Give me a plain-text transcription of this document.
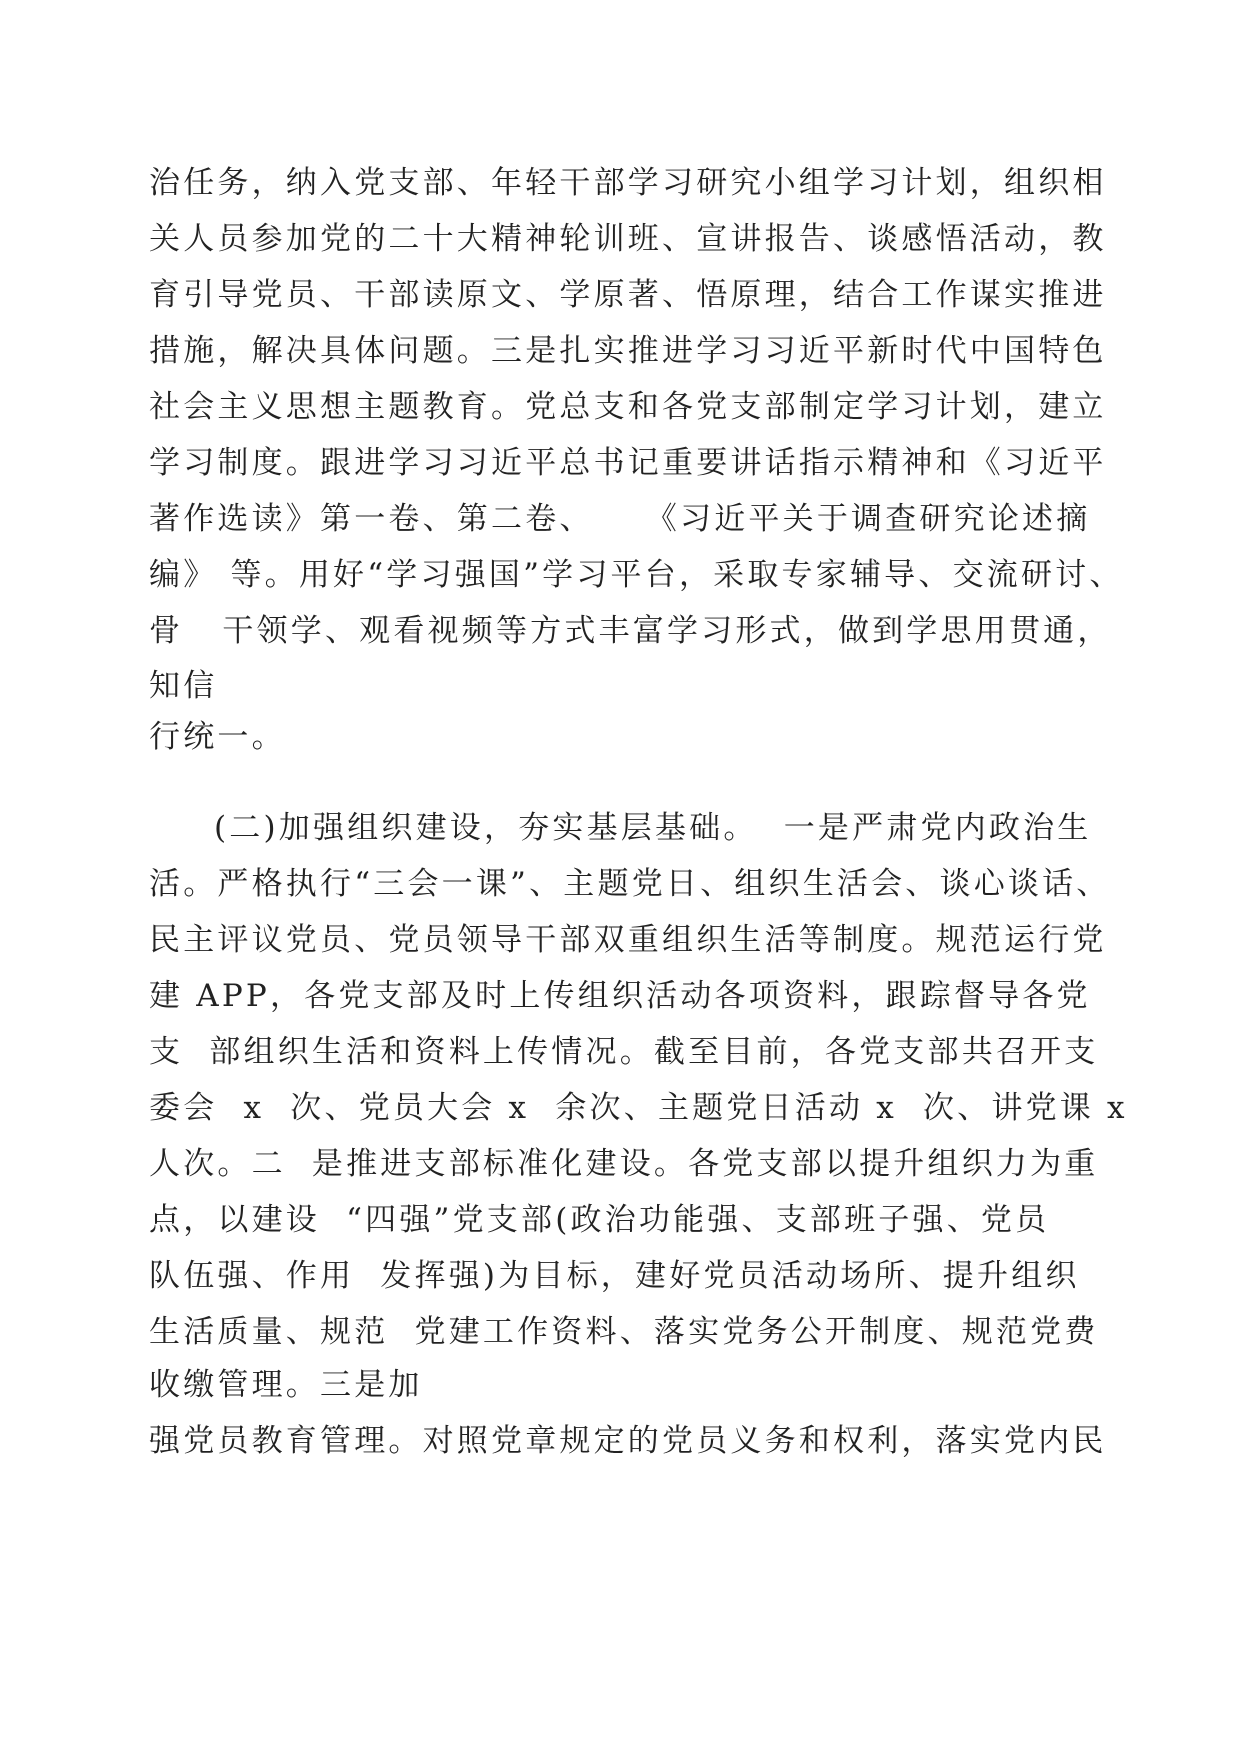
治任务，纳入党支部、年轻干部学习研究小组学习计划，组织相
关人员参加党的二十大精神轮训班、宣讲报告、谈感悟活动，教
育引导党员、干部读原文、学原著、悟原理，结合工作谋实推进
措施，解决具体问题。三是扎实推进学习习近平新时代中国特色
社会主义思想主题教育。党总支和各党支部制定学习计划，建立
学习制度。跟进学习习近平总书记重要讲话指示精神和《习近平
著作选读》第一卷、第二卷、    《习近平关于调查研究论述摘
编》 等。用好“学习强国”学习平台，采取专家辅导、交流研讨、
骨   干领学、观看视频等方式丰富学习形式，做到学思用贯通，
知信
行统一。
(二)加强组织建设，夯实基层基础。  一是严肃党内政治生
活。严格执行“三会一课”、主题党日、组织生活会、谈心谈话、
民主评议党员、党员领导干部双重组织生活等制度。规范运行党
建 APP，各党支部及时上传组织活动各项资料，跟踪督导各党
支  部组织生活和资料上传情况。截至目前，各党支部共召开支
委会  x  次、党员大会 x  余次、主题党日活动 x  次、讲党课 x
人次。二  是推进支部标准化建设。各党支部以提升组织力为重
点，以建设  “四强”党支部(政治功能强、支部班子强、党员
队伍强、作用  发挥强)为目标，建好党员活动场所、提升组织
生活质量、规范  党建工作资料、落实党务公开制度、规范党费
收缴管理。三是加
强党员教育管理。对照党章规定的党员义务和权利，落实党内民
